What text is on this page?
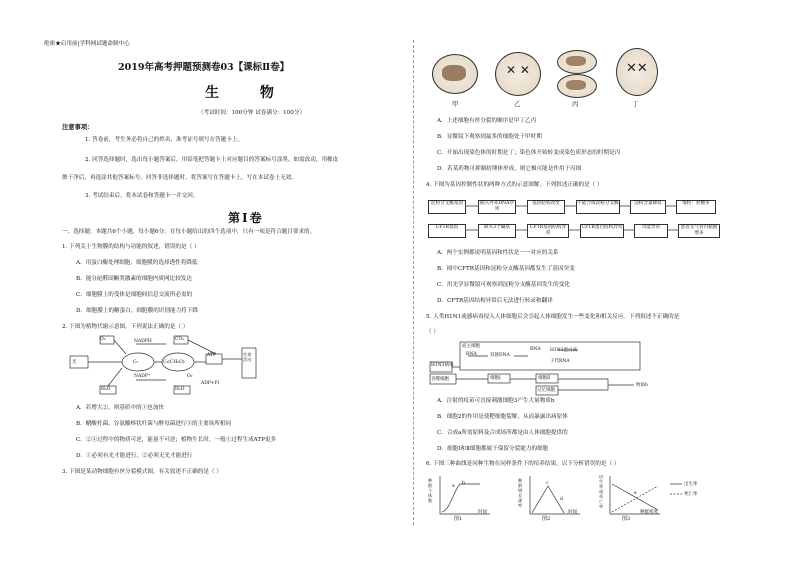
绝密★启用前|学科网试题命制中心
2019年高考押题预测卷03【课标Ⅱ卷】
生 物
（考试时间：100分钟 试卷满分：100分）
注意事项：
1. 答卷前，考生务必将自己的姓名、准考证号填写在答题卡上。
2. 回答选择题时，选出每小题答案后，用铅笔把答题卡上对应题目的答案标号涂黑。如需改动，用橡皮
擦干净后，再选涂其他答案标号。回答非选择题时，将答案写在答题卡上，写在本试卷上无效。
3. 考试结束后，将本试卷和答题卡一并交回。
第Ⅰ卷
一、选择题：本题共6个小题，每小题6分。在每小题给出的四个选项中，只有一项是符合题目要求的。
1. 下列关于生物膜的结构与功能的叙述，错误的是（ ）
A．用蛋白酶处理细胞，细胞膜的选择透性将降低
B．能分泌醛固酮类激素的细胞内质网比较发达
C．细胞膜上的受体是细胞间信息交流所必需的
D．细胞膜上的糖蛋白，细胞膜的识别能力将下降
2. 下图为植物代谢示意图，下列说法正确的是（ ）
O₂	NADPH
NADP⁺
ATP
ADP+Pi
H₂O
CO₂
C₅	C₃(CH₂O)
H₂O
O₂
光
生命活动
A．若增大②，则基质中的①也加快
B．醋酸杆菌、谷氨酸棒状杆菌与酵母菌进行③的主要场所相同
C．②④过程中的物质可逆，能量不可逆；植物生长时，一般①过程生成ATP更多
D．①必须有光才能进行，②必须无光才能进行
3. 下图是某动物细胞有丝分裂模式图，有关叙述不正确的是（ ）
✕ ✕	✕✕
甲	乙	丙	丁
A．上述细胞有丝分裂的顺序是甲丁乙丙
B．显微镜下观察到最多的细胞处于甲时期
C．开始出现染色体的时期是丁；染色体开始转变成染色质形态的时期是丙
D．若某药物可抑制纺锤体形成，则它极可能是作用于丙图
4. 下图为基因控制性状的两种方式的示意图解，下列叙述正确的是（ ）
淀粉分支酶基因	插入外来DNA序列
基因结构改变	不能合成淀粉分支酶	淀粉含量降低	皱粒：蔗糖多
CFTR基因	缺失3个碱基	CFTR基因结构异常
CFTR蛋白结构异常	功能异常	患者支气管内黏液增多
A．两个实例都说明基因和性状是一一对应的关系
B．图中CFTR基因和淀粉分支酶基因都发生了基因突变
C．用光学显微镜可观察到淀粉分支酶基因发生的变化
D．CFTR基因结构异常后无法进行转录和翻译
5. 人类H1N1流感病毒侵入人体细胞后会引起人体细胞发生一些变化和相关反应。下列叙述不正确的是
（ ）
宿主细胞
H1N1病毒
RNA	双链DNA
RNA H1N1蛋白质
子代RNA
吞噬细胞	细胞Ⅰ	细胞Ⅱ
记忆细胞
物质b
A．注射的疫苗可直接刺激细胞3产生大量物质b
B．细胞2的作用是使靶细胞裂解，从而暴露出病原体
C．合成a所需原料及合成场所都是由人体细胞提供的
D．细胞Ⅰ和Ⅱ细胞都属于保留分裂能力的细胞
6. 下图三种曲线是同种生物在同样条件下的培养结果，以下分析错误的是（ ）
种群个体数
时间
图1
a
b
种群增长速率
时间
图2
c
d
出生率或死亡率
种群密度
图3
出生率
死亡率
e
